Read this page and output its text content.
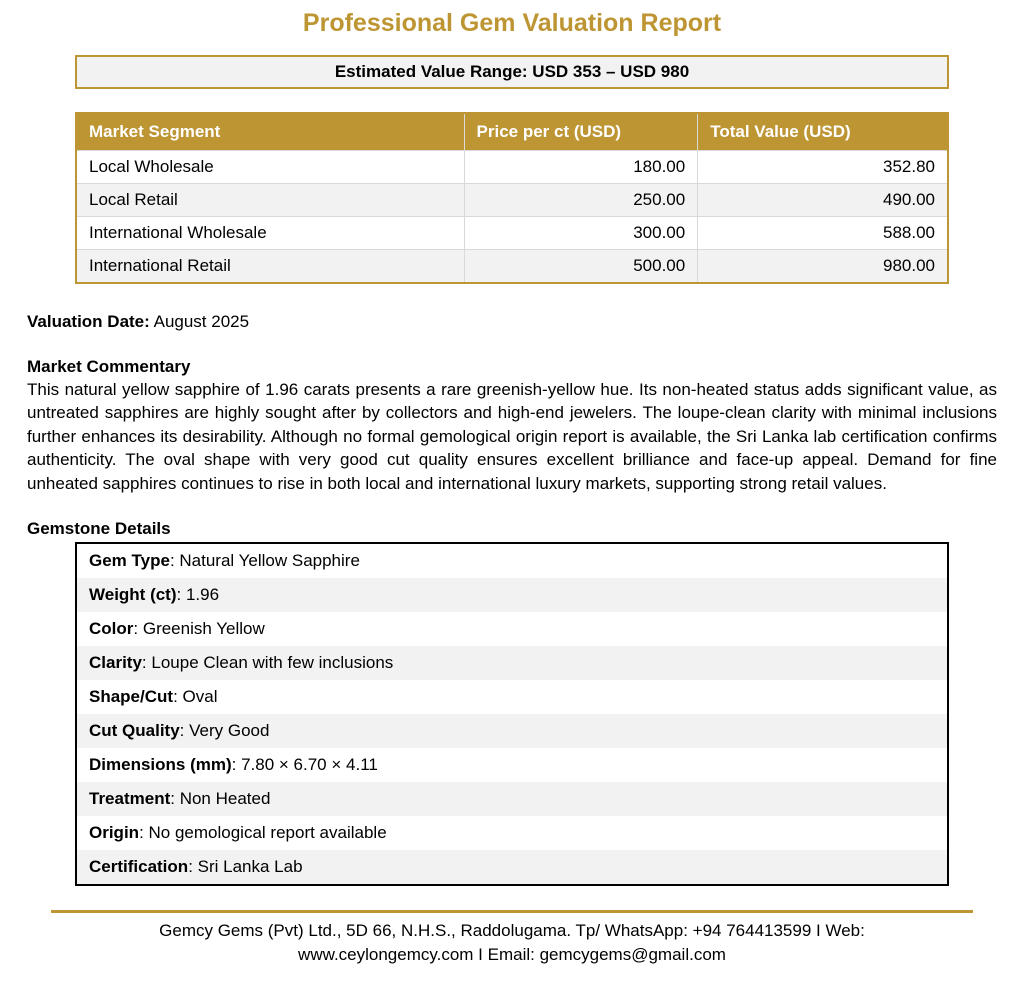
Professional Gem Valuation Report
Estimated Value Range: USD 353 – USD 980
Market Segment	Price per ct (USD)	Total Value (USD)
Local Wholesale	180.00	352.80
Local Retail	250.00	490.00
International Wholesale	300.00	588.00
International Retail	500.00	980.00
Valuation Date: August 2025
Market Commentary
This natural yellow sapphire of 1.96 carats presents a rare greenish-yellow hue. Its non-heated status adds significant value, as untreated sapphires are highly sought after by collectors and high-end jewelers. The loupe-clean clarity with minimal inclusions further enhances its desirability. Although no formal gemological origin report is available, the Sri Lanka lab certification confirms authenticity. The oval shape with very good cut quality ensures excellent brilliance and face-up appeal. Demand for fine unheated sapphires continues to rise in both local and international luxury markets, supporting strong retail values.
Gemstone Details
Gem Type : Natural Yellow Sapphire
Weight (ct) : 1.96
Color : Greenish Yellow
Clarity : Loupe Clean with few inclusions
Shape/Cut : Oval
Cut Quality : Very Good
Dimensions (mm) : 7.80 × 6.70 × 4.11
Treatment : Non Heated
Origin : No gemological report available
Certification : Sri Lanka Lab
Gemcy Gems (Pvt) Ltd., 5D 66, N.H.S., Raddolugama. Tp/ WhatsApp: +94 764413599 I Web:
www.ceylongemcy.com I Email: gemcygems@gmail.com
